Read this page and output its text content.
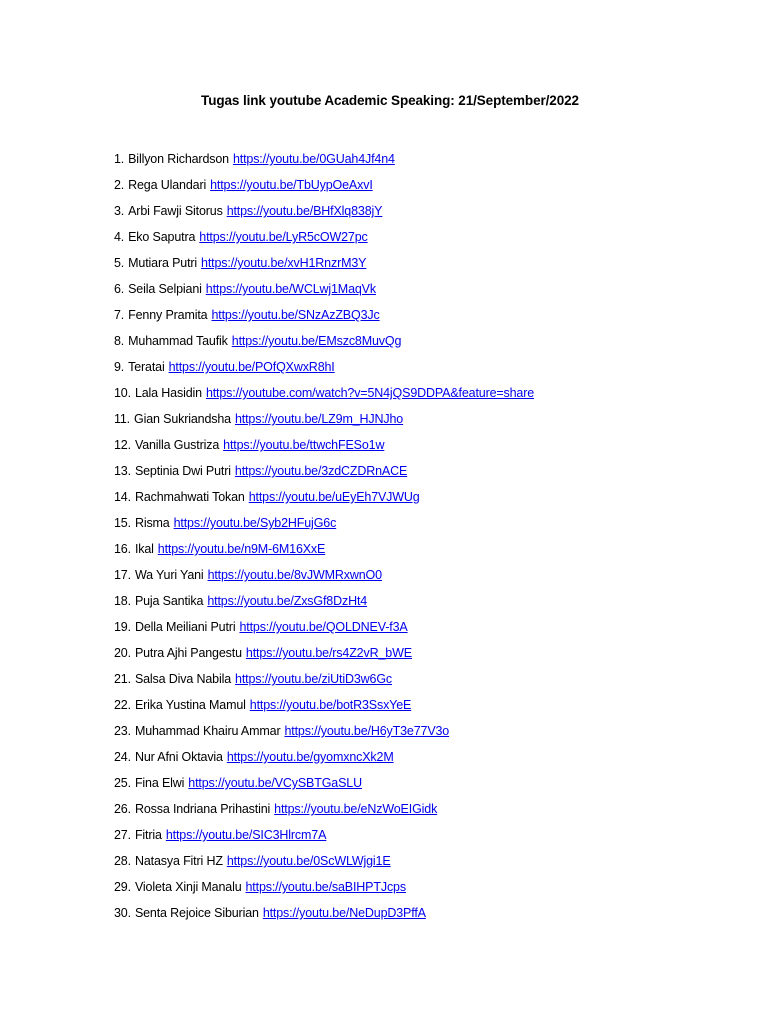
Tugas link youtube Academic Speaking: 21/September/2022
1. Billyon Richardson https://youtu.be/0GUah4Jf4n4
2. Rega Ulandari https://youtu.be/TbUypOeAxvI
3. Arbi Fawji Sitorus https://youtu.be/BHfXlq838jY
4. Eko Saputra https://youtu.be/LyR5cOW27pc
5. Mutiara Putri https://youtu.be/xvH1RnzrM3Y
6. Seila Selpiani https://youtu.be/WCLwj1MaqVk
7. Fenny Pramita https://youtu.be/SNzAzZBQ3Jc
8. Muhammad Taufik https://youtu.be/EMszc8MuvQg
9. Teratai https://youtu.be/POfQXwxR8hI
10. Lala Hasidin https://youtube.com/watch?v=5N4jQS9DDPA&feature=share
11. Gian Sukriandsha https://youtu.be/LZ9m_HJNJho
12. Vanilla Gustriza https://youtu.be/ttwchFESo1w
13. Septinia Dwi Putri https://youtu.be/3zdCZDRnACE
14. Rachmahwati Tokan https://youtu.be/uEyEh7VJWUg
15. Risma https://youtu.be/Syb2HFujG6c
16. Ikal https://youtu.be/n9M-6M16XxE
17. Wa Yuri Yani https://youtu.be/8vJWMRxwnO0
18. Puja Santika https://youtu.be/ZxsGf8DzHt4
19. Della Meiliani Putri https://youtu.be/QOLDNEV-f3A
20. Putra Ajhi Pangestu https://youtu.be/rs4Z2vR_bWE
21. Salsa Diva Nabila https://youtu.be/ziUtiD3w6Gc
22. Erika Yustina Mamul https://youtu.be/botR3SsxYeE
23. Muhammad Khairu Ammar https://youtu.be/H6yT3e77V3o
24. Nur Afni Oktavia https://youtu.be/gyomxncXk2M
25. Fina Elwi https://youtu.be/VCySBTGaSLU
26. Rossa Indriana Prihastini https://youtu.be/eNzWoEIGidk
27. Fitria https://youtu.be/SIC3Hlrcm7A
28. Natasya Fitri HZ https://youtu.be/0ScWLWjgi1E
29. Violeta Xinji Manalu https://youtu.be/saBIHPTJcps
30. Senta Rejoice Siburian https://youtu.be/NeDupD3PffA
